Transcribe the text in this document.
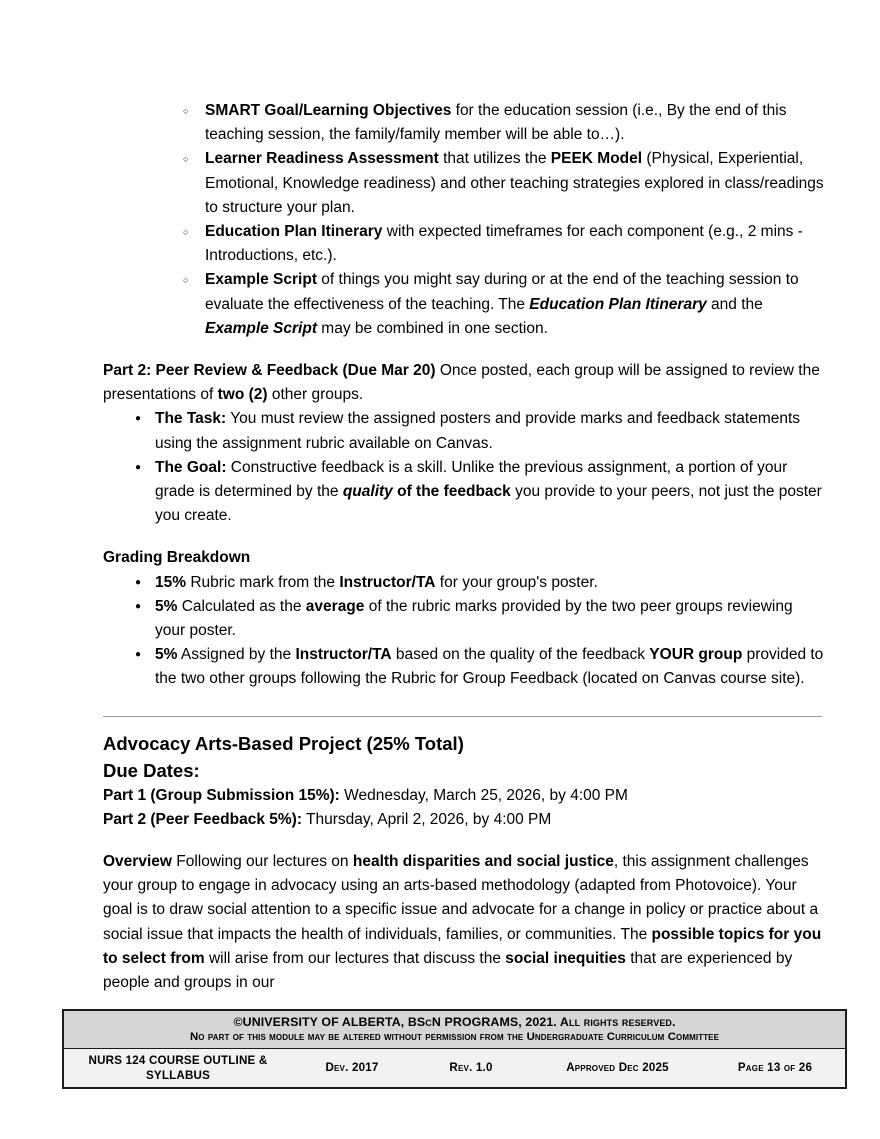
○ SMART Goal/Learning Objectives for the education session (i.e., By the end of this teaching session, the family/family member will be able to…).
○ Learner Readiness Assessment that utilizes the PEEK Model (Physical, Experiential, Emotional, Knowledge readiness) and other teaching strategies explored in class/readings to structure your plan.
○ Education Plan Itinerary with expected timeframes for each component (e.g., 2 mins - Introductions, etc.).
○ Example Script of things you might say during or at the end of the teaching session to evaluate the effectiveness of the teaching. The Education Plan Itinerary and the Example Script may be combined in one section.

Part 2: Peer Review & Feedback (Due Mar 20) Once posted, each group will be assigned to review the presentations of two (2) other groups.

● The Task: You must review the assigned posters and provide marks and feedback statements using the assignment rubric available on Canvas.
● The Goal: Constructive feedback is a skill. Unlike the previous assignment, a portion of your grade is determined by the quality of the feedback you provide to your peers, not just the poster you create.

Grading Breakdown

● 15% Rubric mark from the Instructor/TA for your group's poster.
● 5% Calculated as the average of the rubric marks provided by the two peer groups reviewing your poster.
● 5% Assigned by the Instructor/TA based on the quality of the feedback YOUR group provided to the two other groups following the Rubric for Group Feedback (located on Canvas course site).

Advocacy Arts-Based Project (25% Total)

Due Dates:

Part 1 (Group Submission 15%): Wednesday, March 25, 2026, by 4:00 PM

Part 2 (Peer Feedback 5%): Thursday, April 2, 2026, by 4:00 PM

Overview Following our lectures on health disparities and social justice, this assignment challenges your group to engage in advocacy using an arts-based methodology (adapted from Photovoice). Your goal is to draw social attention to a specific issue and advocate for a change in policy or practice about a social issue that impacts the health of individuals, families, or communities. The possible topics for you to select from will arise from our lectures that discuss the social inequities that are experienced by people and groups in our

©UNIVERSITY OF ALBERTA, BScN PROGRAMS, 2021. All rights reserved.
No part of this module may be altered without permission from the Undergraduate Curriculum Committee
NURS 124 COURSE OUTLINE & SYLLABUS
Dev. 2017	Rev. 1.0	Approved Dec 2025	Page 13 of 26
